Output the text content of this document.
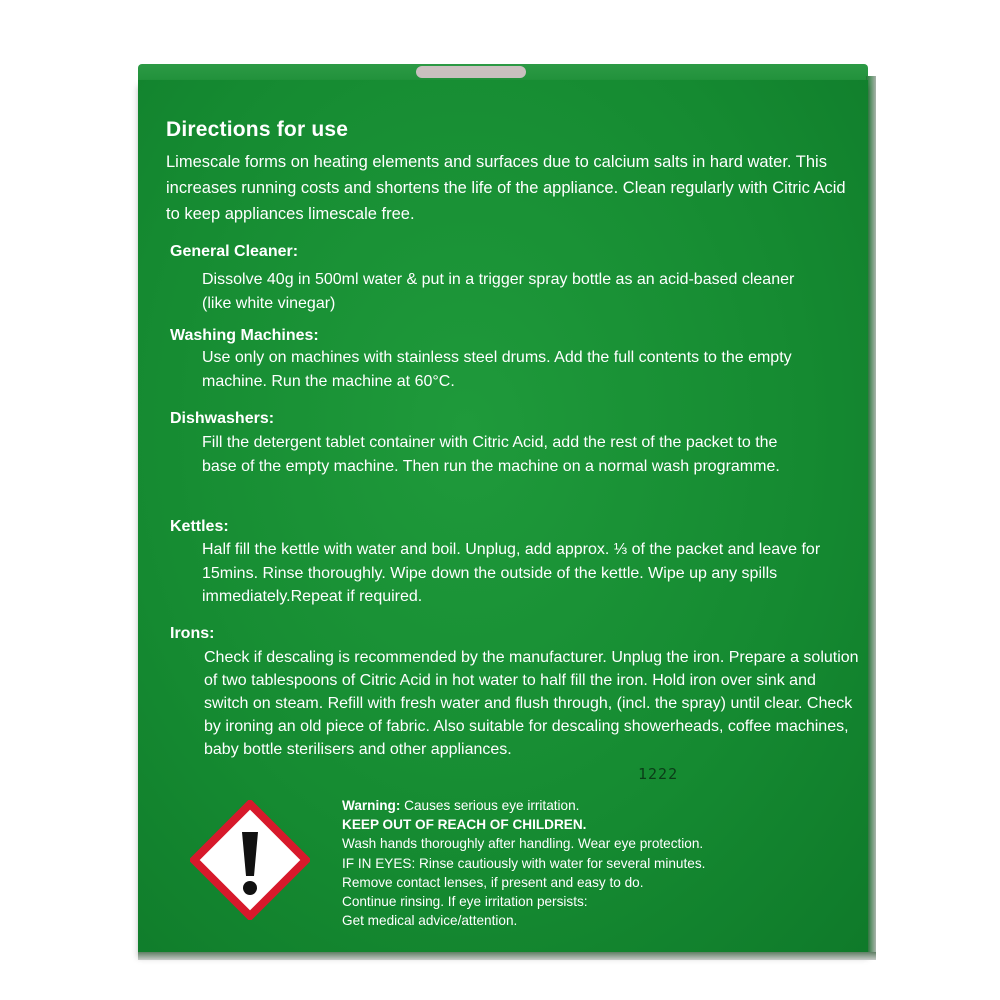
Directions for use

Limescale forms on heating elements and surfaces due to calcium salts in hard water. This increases running costs and shortens the life of the appliance. Clean regularly with Citric Acid to keep appliances limescale free.

General Cleaner:

Dissolve 40g in 500ml water & put in a trigger spray bottle as an acid-based cleaner (like white vinegar)

Washing Machines:

Use only on machines with stainless steel drums. Add the full contents to the empty machine. Run the machine at 60°C.

Dishwashers:

Fill the detergent tablet container with Citric Acid, add the rest of the packet to the base of the empty machine. Then run the machine on a normal wash programme.

Kettles:

Half fill the kettle with water and boil. Unplug, add approx. ⅓ of the packet and leave for 15mins. Rinse thoroughly. Wipe down the outside of the kettle. Wipe up any spills immediately.Repeat if required.

Irons:

Check if descaling is recommended by the manufacturer. Unplug the iron. Prepare a solution of two tablespoons of Citric Acid in hot water to half fill the iron. Hold iron over sink and switch on steam. Refill with fresh water and flush through, (incl. the spray) until clear. Check by ironing an old piece of fabric. Also suitable for descaling showerheads, coffee machines, baby bottle sterilisers and other appliances.

1222
Warning: Causes serious eye irritation.
KEEP OUT OF REACH OF CHILDREN.
Wash hands thoroughly after handling. Wear eye protection.
IF IN EYES: Rinse cautiously with water for several minutes.
Remove contact lenses, if present and easy to do.
Continue rinsing. If eye irritation persists:
Get medical advice/attention.
